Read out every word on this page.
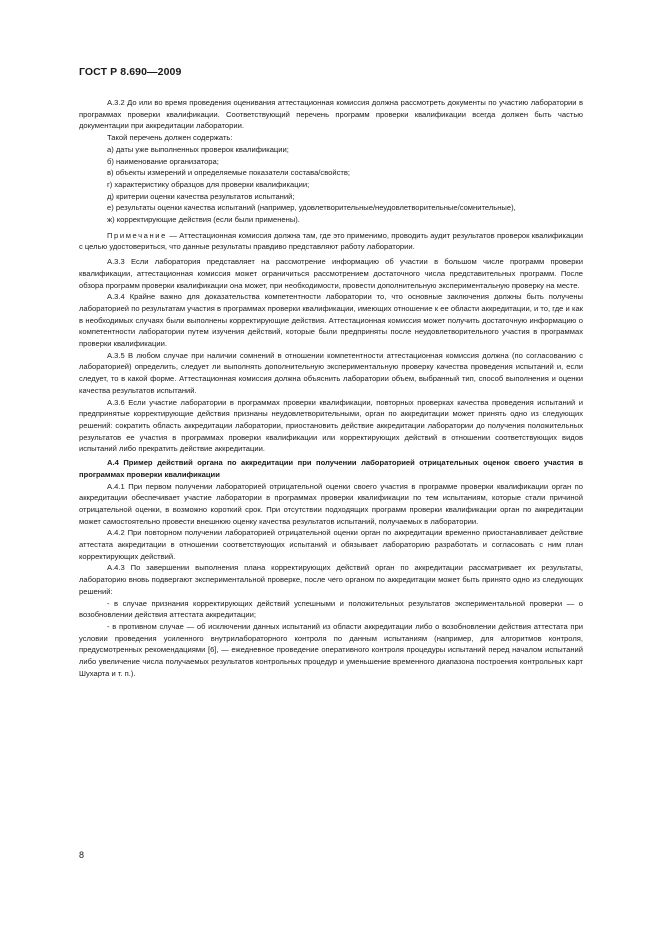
ГОСТ Р 8.690—2009

А.3.2 До или во время проведения оценивания аттестационная комиссия должна рассмотреть документы по участию лаборатории в программах проверки квалификации. Соответствующий перечень программ проверки квалификации всегда должен быть частью документации при аккредитации лаборатории.

Такой перечень должен содержать:

а) даты уже выполненных проверок квалификации;

б) наименование организатора;

в) объекты измерений и определяемые показатели состава/свойств;

г) характеристику образцов для проверки квалификации;

д) критерии оценки качества результатов испытаний;

е) результаты оценки качества испытаний (например, удовлетворительные/неудовлетворительные/сомнительные),

ж) корректирующие действия (если были применены).

Примечание — Аттестационная комиссия должна там, где это применимо, проводить аудит результатов проверок квалификации с целью удостовериться, что данные результаты правдиво представляют работу лаборатории.

А.3.3 Если лаборатория представляет на рассмотрение информацию об участии в большом числе программ проверки квалификации, аттестационная комиссия может ограничиться рассмотрением достаточного числа представительных программ. После обзора программ проверки квалификации она может, при необходимости, провести дополнительную экспериментальную проверку на месте.

А.3.4 Крайне важно для доказательства компетентности лаборатории то, что основные заключения должны быть получены лабораторией по результатам участия в программах проверки квалификации, имеющих отношение к ее области аккредитации, и то, где и как в необходимых случаях были выполнены корректирующие действия. Аттестационная комиссия может получить достаточную информацию о компетентности лаборатории путем изучения действий, которые были предприняты после неудовлетворительного участия в программах проверки квалификации.

А.3.5 В любом случае при наличии сомнений в отношении компетентности аттестационная комиссия должна (по согласованию с лабораторией) определить, следует ли выполнять дополнительную экспериментальную проверку качества проведения испытаний и, если следует, то в какой форме. Аттестационная комиссия должна объяснить лаборатории объем, выбранный тип, способ выполнения и оценки качества результатов испытаний.

А.3.6 Если участие лаборатории в программах проверки квалификации, повторных проверках качества проведения испытаний и предпринятые корректирующие действия признаны неудовлетворительными, орган по аккредитации может принять одно из следующих решений: сократить область аккредитации лаборатории, приостановить действие аккредитации лаборатории до получения положительных результатов ее участия в программах проверки квалификации или корректирующих действий в отношении соответствующих видов испытаний либо прекратить действие аккредитации.

А.4 Пример действий органа по аккредитации при получении лабораторией отрицательных оценок своего участия в программах проверки квалификации

А.4.1 При первом получении лабораторией отрицательной оценки своего участия в программе проверки квалификации орган по аккредитации обеспечивает участие лаборатории в программах проверки квалификации по тем испытаниям, которые стали причиной отрицательной оценки, в возможно короткий срок. При отсутствии подходящих программ проверки квалификации орган по аккредитации может самостоятельно провести внешнюю оценку качества результатов испытаний, получаемых в лаборатории.

А.4.2 При повторном получении лабораторией отрицательной оценки орган по аккредитации временно приостанавливает действие аттестата аккредитации в отношении соответствующих испытаний и обязывает лабораторию разработать и согласовать с ним план корректирующих действий.

А.4.3 По завершении выполнения плана корректирующих действий орган по аккредитации рассматривает их результаты, лабораторию вновь подвергают экспериментальной проверке, после чего органом по аккредитации может быть принято одно из следующих решений:

- в случае признания корректирующих действий успешными и положительных результатов экспериментальной проверки — о возобновлении действия аттестата аккредитации;

- в противном случае — об исключении данных испытаний из области аккредитации либо о возобновлении действия аттестата при условии проведения усиленного внутрилабораторного контроля по данным испытаниям (например, для алгоритмов контроля, предусмотренных рекомендациями [6], — ежедневное проведение оперативного контроля процедуры испытаний перед началом испытаний либо увеличение числа получаемых результатов контрольных процедур и уменьшение временного диапазона построения контрольных карт Шухарта и т. п.).

8
